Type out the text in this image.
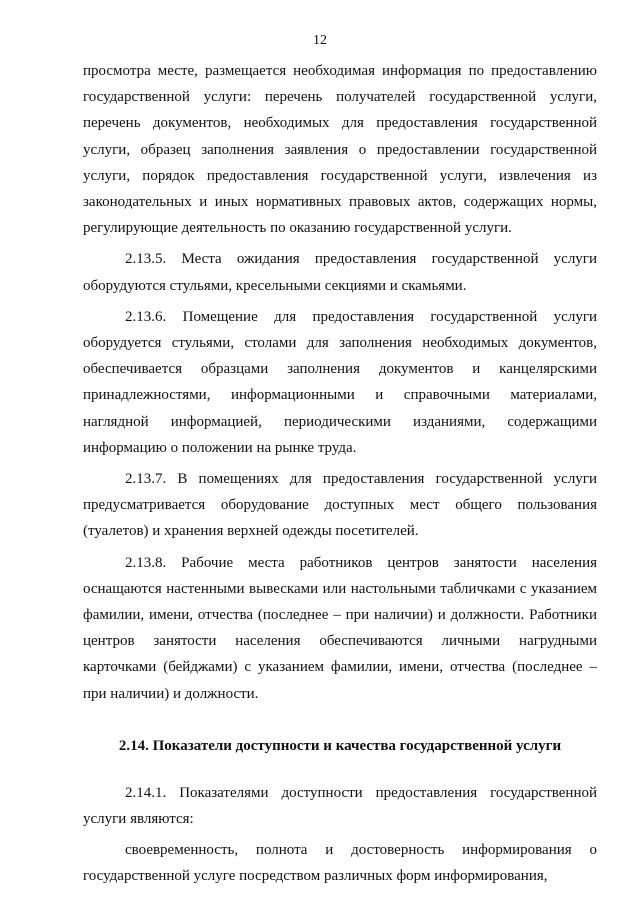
12

просмотра месте, размещается необходимая информация по предоставлению государственной услуги: перечень получателей государственной услуги, перечень документов, необходимых для предоставления государственной услуги, образец заполнения заявления о предоставлении государственной услуги, порядок предоставления государственной услуги, извлечения из законодательных и иных нормативных правовых актов, содержащих нормы, регулирующие деятельность по оказанию государственной услуги.

2.13.5. Места ожидания предоставления государственной услуги оборудуются стульями, кресельными секциями и скамьями.

2.13.6. Помещение для предоставления государственной услуги оборудуется стульями, столами для заполнения необходимых документов, обеспечивается образцами заполнения документов и канцелярскими принадлежностями, информационными и справочными материалами, наглядной информацией, периодическими изданиями, содержащими информацию о положении на рынке труда.

2.13.7. В помещениях для предоставления государственной услуги предусматривается оборудование доступных мест общего пользования (туалетов) и хранения верхней одежды посетителей.

2.13.8. Рабочие места работников центров занятости населения оснащаются настенными вывесками или настольными табличками с указанием фамилии, имени, отчества (последнее – при наличии) и должности. Работники центров занятости населения обеспечиваются личными нагрудными карточками (бейджами) с указанием фамилии, имени, отчества (последнее – при наличии) и должности.

2.14. Показатели доступности и качества государственной услуги

2.14.1. Показателями доступности предоставления государственной услуги являются:

своевременность, полнота и достоверность информирования о государственной услуге посредством различных форм информирования,
